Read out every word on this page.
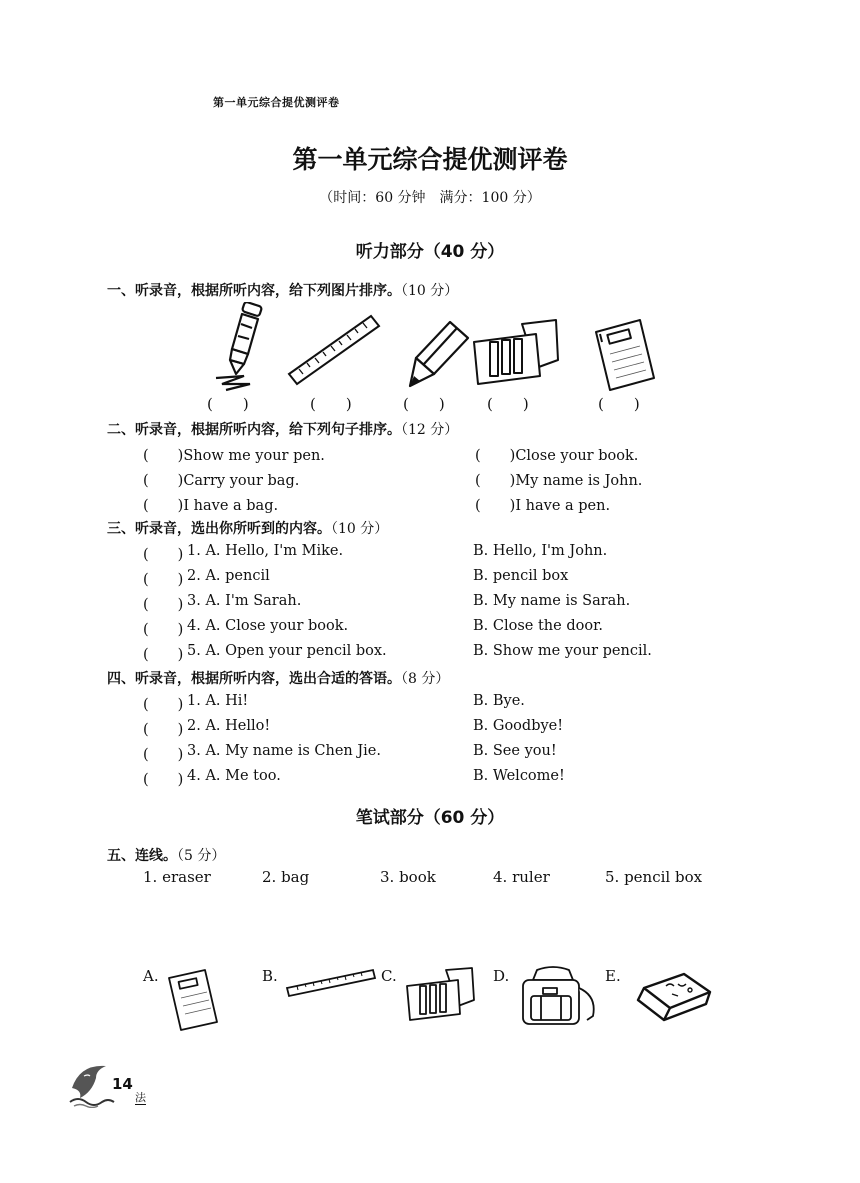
第一单元综合提优测评卷
第一单元综合提优测评卷
（时间：60 分钟　满分：100 分）
听力部分（40 分）
一、听录音，根据所听内容，给下列图片排序。（10 分）
(　　)	(　　)	(　　)	(　　)	(　　)
二、听录音，根据所听内容，给下列句子排序。（12 分）
(　　)Show me your pen.	(　　)Close your book.
(　　)Carry your bag.	(　　)My name is John.
(　　)I have a bag.	(　　)I have a pen.
三、听录音，选出你所听到的内容。（10 分）
(　　) 1. A. Hello, I'm Mike.	B. Hello, I'm John.
(　　) 2. A. pencil	B. pencil box
(　　) 3. A. I'm Sarah.	B. My name is Sarah.
(　　) 4. A. Close your book.	B. Close the door.
(　　) 5. A. Open your pencil box.	B. Show me your pencil.
四、听录音，根据所听内容，选出合适的答语。（8 分）
(　　) 1. A. Hi!	B. Bye.
(　　) 2. A. Hello!	B. Goodbye!
(　　) 3. A. My name is Chen Jie.	B. See you!
(　　) 4. A. Me too.	B. Welcome!
笔试部分（60 分）
五、连线。（5 分）
1. eraser	2. bag	3. book	4. ruler	5. pencil box
A.	B.	C.	D.	E.
14
法
